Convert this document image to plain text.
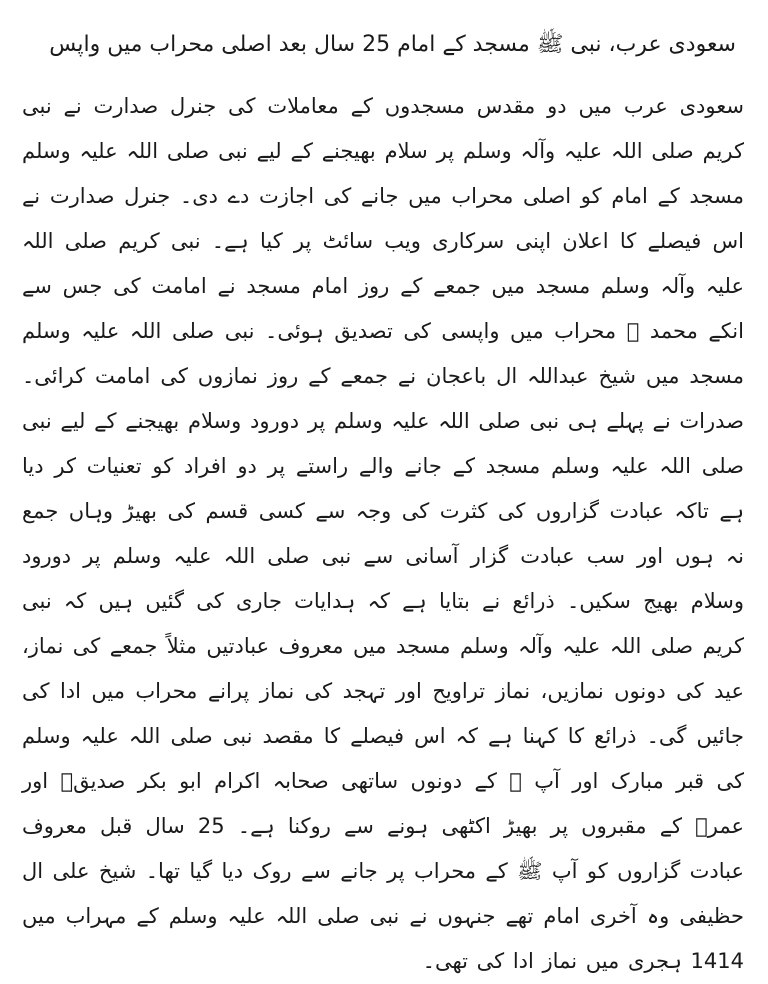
سعودی عرب، نبی ﷺ مسجد کے امام 25 سال بعد اصلی محراب میں واپس

سعودی عرب میں دو مقدس مسجدوں کے معاملات کی جنرل صدارت نے نبی کریم صلی اللہ علیہ وآلہ وسلم پر سلام بھیجنے کے لیے نبی صلی اللہ علیہ وسلم مسجد کے امام کو اصلی محراب میں جانے کی اجازت دے دی۔ جنرل صدارت نے اس فیصلے کا اعلان اپنی سرکاری ویب سائٹ پر کیا ہے۔ نبی کریم صلی اللہ علیہ وآلہ وسلم مسجد میں جمعے کے روز امام مسجد نے امامت کی جس سے انکے محمد ﷺ محراب میں واپسی کی تصدیق ہوئی۔ نبی صلی اللہ علیہ وسلم مسجد میں شیخ عبداللہ ال باعجان نے جمعے کے روز نمازوں کی امامت کرائی۔ صدرات نے پہلے ہی نبی صلی اللہ علیہ وسلم پر دورود وسلام بھیجنے کے لیے نبی صلی اللہ علیہ وسلم مسجد کے جانے والے راستے پر دو افراد کو تعنیات کر دیا ہے تاکہ عبادت گزاروں کی کثرت کی وجہ سے کسی قسم کی بھیڑ وہاں جمع نہ ہوں اور سب عبادت گزار آسانی سے نبی صلی اللہ علیہ وسلم پر دورود وسلام بھیج سکیں۔ ذرائع نے بتایا ہے کہ ہدایات جاری کی گئیں ہیں کہ نبی کریم صلی اللہ علیہ وآلہ وسلم مسجد میں معروف عبادتیں مثلاً جمعے کی نماز، عید کی دونوں نمازیں، نماز تراویح اور تہجد کی نماز پرانے محراب میں ادا کی جائیں گی۔ ذرائع کا کہنا ہے کہ اس فیصلے کا مقصد نبی صلی اللہ علیہ وسلم کی قبر مبارک اور آپ ﷺ کے دونوں ساتھی صحابہ اکرام ابو بکر صدیقؓ اور عمرؓ کے مقبروں پر بھیڑ اکٹھی ہونے سے روکنا ہے۔ 25 سال قبل معروف عبادت گزاروں کو آپ ﷺ کے محراب پر جانے سے روک دیا گیا تھا۔ شیخ علی ال حظیفی وہ آخری امام تھے جنہوں نے نبی صلی اللہ علیہ وسلم کے مہراب میں 1414 ہجری میں نماز ادا کی تھی۔
